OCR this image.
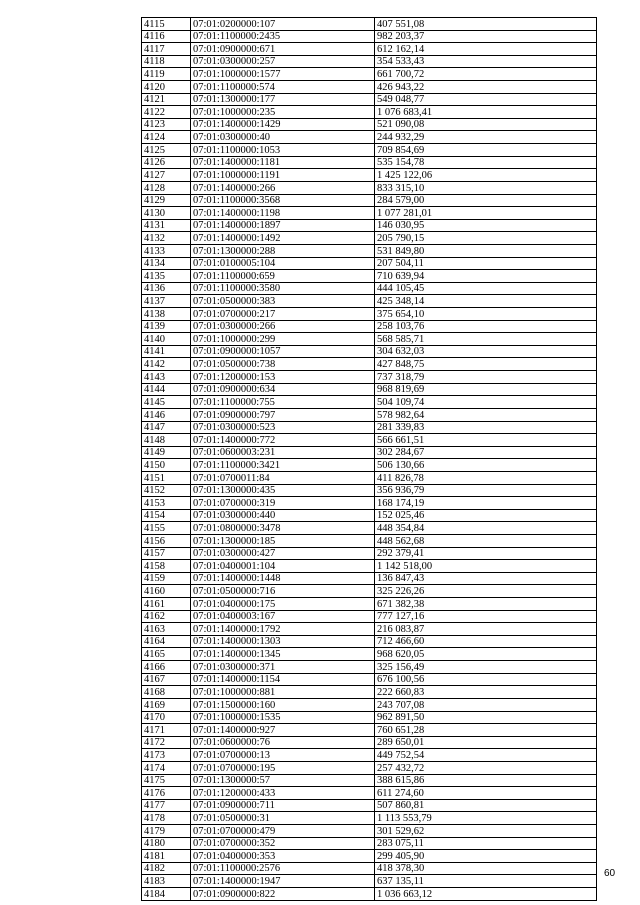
4115	07:01:0200000:107	407 551,08
4116	07:01:1100000:2435	982 203,37
4117	07:01:0900000:671	612 162,14
4118	07:01:0300000:257	354 533,43
4119	07:01:1000000:1577	661 700,72
4120	07:01:1100000:574	426 943,22
4121	07:01:1300000:177	549 048,77
4122	07:01:1000000:235	1 076 683,41
4123	07:01:1400000:1429	521 090,08
4124	07:01:0300000:40	244 932,29
4125	07:01:1100000:1053	709 854,69
4126	07:01:1400000:1181	535 154,78
4127	07:01:1000000:1191	1 425 122,06
4128	07:01:1400000:266	833 315,10
4129	07:01:1100000:3568	284 579,00
4130	07:01:1400000:1198	1 077 281,01
4131	07:01:1400000:1897	146 030,95
4132	07:01:1400000:1492	205 790,15
4133	07:01:1300000:288	531 849,80
4134	07:01:0100005:104	207 504,11
4135	07:01:1100000:659	710 639,94
4136	07:01:1100000:3580	444 105,45
4137	07:01:0500000:383	425 348,14
4138	07:01:0700000:217	375 654,10
4139	07:01:0300000:266	258 103,76
4140	07:01:1000000:299	568 585,71
4141	07:01:0900000:1057	304 632,03
4142	07:01:0500000:738	427 848,75
4143	07:01:1200000:153	737 318,79
4144	07:01:0900000:634	968 819,69
4145	07:01:1100000:755	504 109,74
4146	07:01:0900000:797	578 982,64
4147	07:01:0300000:523	281 339,83
4148	07:01:1400000:772	566 661,51
4149	07:01:0600003:231	302 284,67
4150	07:01:1100000:3421	506 130,66
4151	07:01:0700011:84	411 826,78
4152	07:01:1300000:435	356 936,79
4153	07:01:0700000:319	168 174,19
4154	07:01:0300000:440	152 025,46
4155	07:01:0800000:3478	448 354,84
4156	07:01:1300000:185	448 562,68
4157	07:01:0300000:427	292 379,41
4158	07:01:0400001:104	1 142 518,00
4159	07:01:1400000:1448	136 847,43
4160	07:01:0500000:716	325 226,26
4161	07:01:0400000:175	671 382,38
4162	07:01:0400003:167	777 127,16
4163	07:01:1400000:1792	216 083,87
4164	07:01:1400000:1303	712 466,60
4165	07:01:1400000:1345	968 620,05
4166	07:01:0300000:371	325 156,49
4167	07:01:1400000:1154	676 100,56
4168	07:01:1000000:881	222 660,83
4169	07:01:1500000:160	243 707,08
4170	07:01:1000000:1535	962 891,50
4171	07:01:1400000:927	760 651,28
4172	07:01:0600000:76	289 650,01
4173	07:01:0700000:13	449 752,54
4174	07:01:0700000:195	257 432,72
4175	07:01:1300000:57	388 615,86
4176	07:01:1200000:433	611 274,60
4177	07:01:0900000:711	507 860,81
4178	07:01:0500000:31	1 113 553,79
4179	07:01:0700000:479	301 529,62
4180	07:01:0700000:352	283 075,11
4181	07:01:0400000:353	299 405,90
4182	07:01:1100000:2576	418 378,30
4183	07:01:1400000:1947	637 135,11
4184	07:01:0900000:822	1 036 663,12
60
